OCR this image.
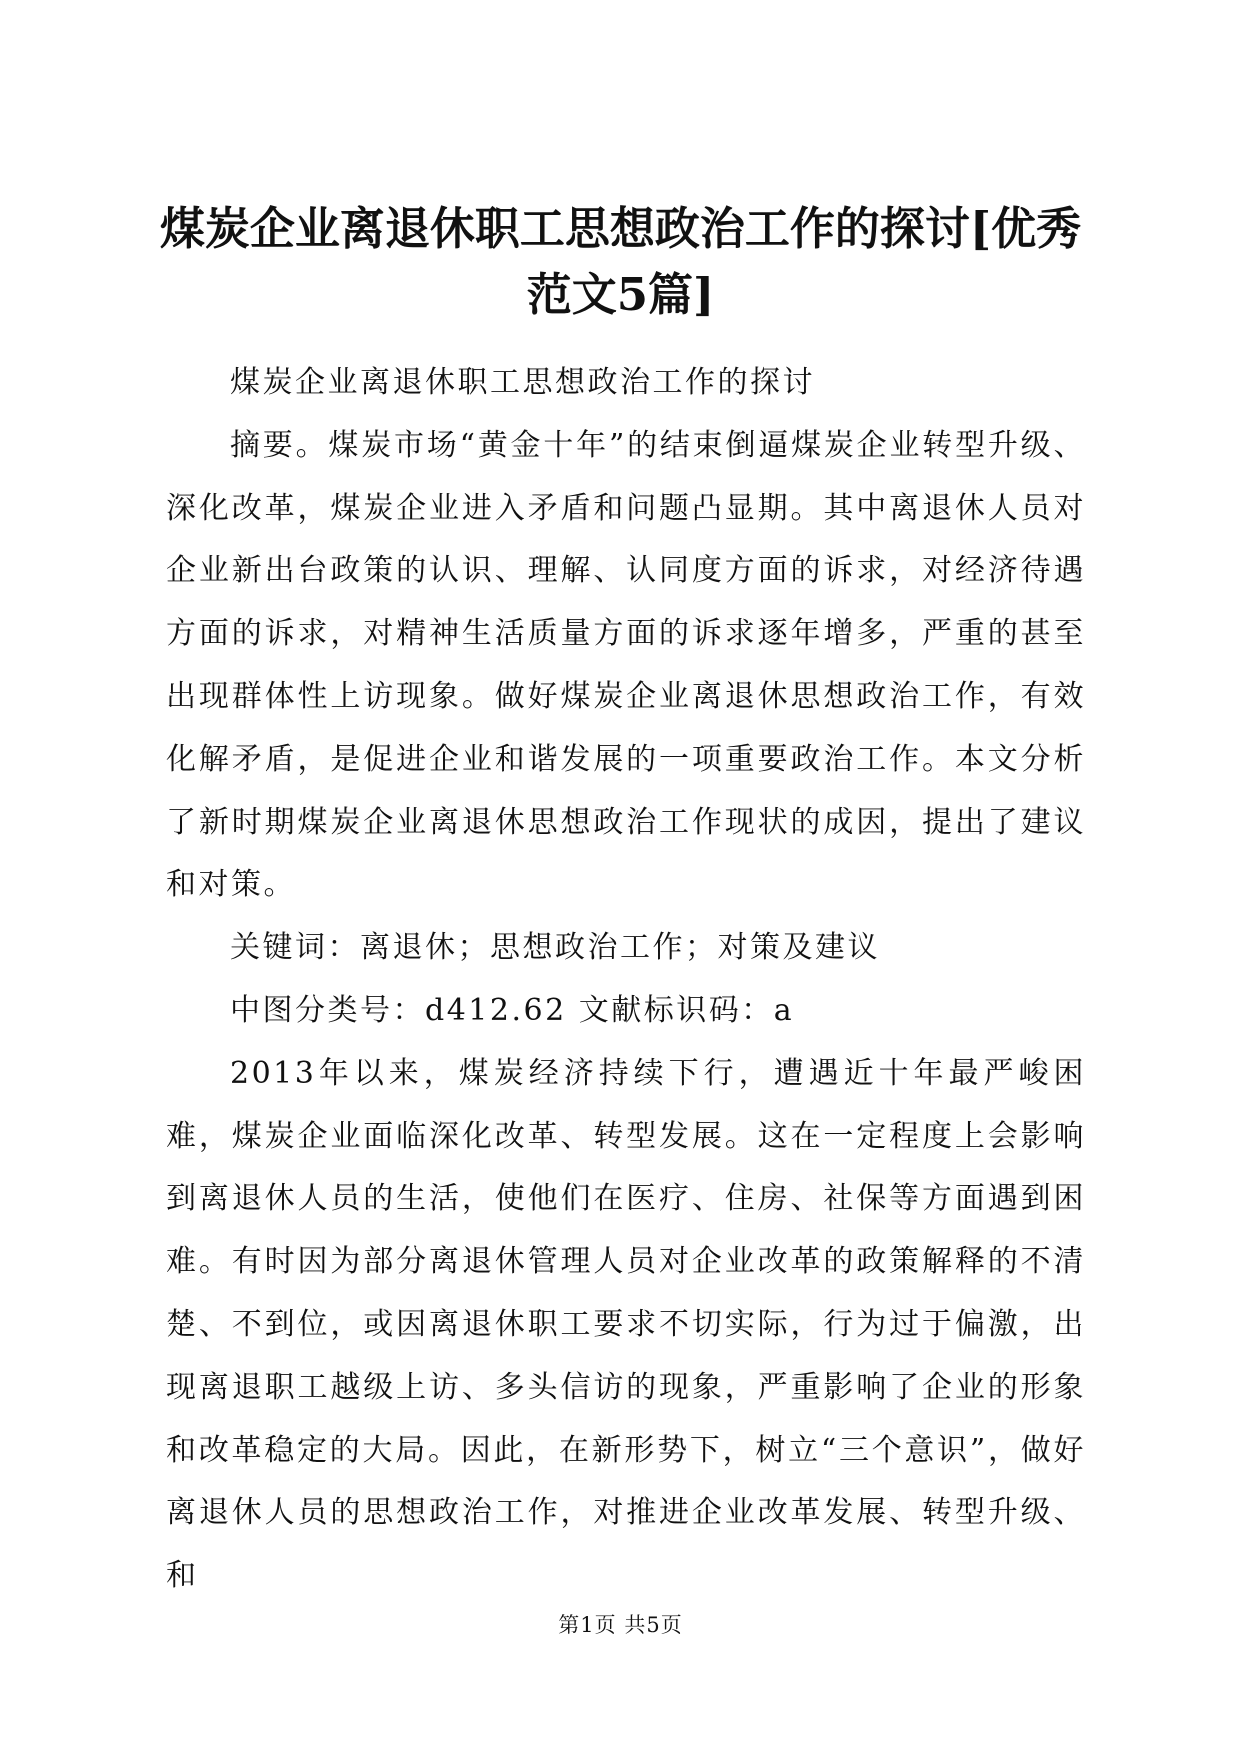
煤炭企业离退休职工思想政治工作的探讨[优秀范文5篇]

煤炭企业离退休职工思想政治工作的探讨

摘要。煤炭市场“黄金十年”的结束倒逼煤炭企业转型升级、深化改革，煤炭企业进入矛盾和问题凸显期。其中离退休人员对企业新出台政策的认识、理解、认同度方面的诉求，对经济待遇方面的诉求，对精神生活质量方面的诉求逐年增多，严重的甚至出现群体性上访现象。做好煤炭企业离退休思想政治工作，有效化解矛盾，是促进企业和谐发展的一项重要政治工作。本文分析了新时期煤炭企业离退休思想政治工作现状的成因，提出了建议和对策。

关键词：离退休；思想政治工作；对策及建议

中图分类号：d412.62 文献标识码：a

2013年以来，煤炭经济持续下行，遭遇近十年最严峻困难，煤炭企业面临深化改革、转型发展。这在一定程度上会影响到离退休人员的生活，使他们在医疗、住房、社保等方面遇到困难。有时因为部分离退休管理人员对企业改革的政策解释的不清楚、不到位，或因离退休职工要求不切实际，行为过于偏激，出现离退职工越级上访、多头信访的现象，严重影响了企业的形象和改革稳定的大局。因此，在新形势下，树立“三个意识”，做好离退休人员的思想政治工作，对推进企业改革发展、转型升级、和

第1页 共5页
